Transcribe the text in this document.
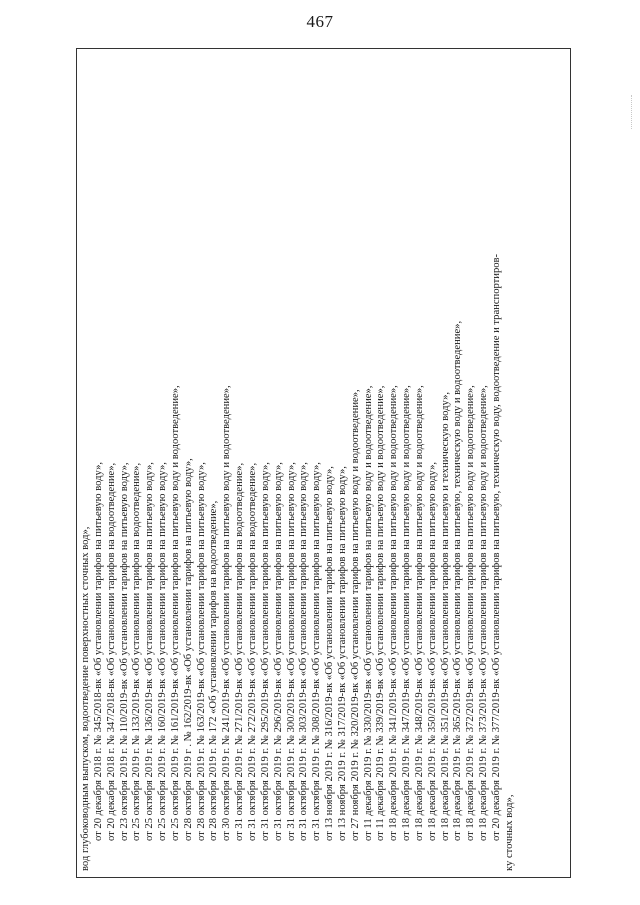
467
вод глубоководным выпуском, водоотведение поверхностных сточных вод», от 20 декабря 2018 г. № 345/2018-вк «Об установлении тарифов на питьевую воду», от 20 декабря 2018 г. № 347/2018-вк «Об установлении тарифов на водоотведение», от 23 октября 2019 г. № 110/2019-вк «Об установлении тарифов на питьевую воду», от 25 октября 2019 г. № 133/2019-вк «Об установлении тарифов на водоотведение», от 25 октября 2019 г. № 136/2019-вк «Об установлении тарифов на питьевую воду», от 25 октября 2019 г. № 160/2019-вк «Об установлении тарифов на питьевую воду», от 25 октября 2019 г. № 161/2019-вк «Об установлении тарифов на питьевую воду и водоотведение», от 28 октября 2019 г . № 162/2019-вк «Об установлении тарифов на питьевую воду», от 28 октября 2019 г. № 163/2019-вк «Об установлении тарифов на питьевую воду», от 28 октября 2019 г. № 172 «Об установлении тарифов на водоотведение», от 30 октября 2019 г. № 241/2019-вк «Об установлении тарифов на питьевую воду и водоотведение», от 31 октября 2019 г. № 271/2019-вк «Об установлении тарифов на водоотведение», от 31 октября 2019 г. № 272/2019-вк «Об установлении тарифов на водоотведение», от 31 октября 2019 г. № 295/2019-вк «Об установлении тарифов на питьевую воду», от 31 октября 2019 г. № 296/2019-вк «Об установлении тарифов на питьевую воду», от 31 октября 2019 г. № 300/2019-вк «Об установлении тарифов на питьевую воду», от 31 октября 2019 г. № 303/2019-вк «Об установлении тарифов на питьевую воду», от 31 октября 2019 г. № 308/2019-вк «Об установлении тарифов на питьевую воду», от 13 ноября 2019 г. № 316/2019-вк «Об установлении тарифов на питьевую воду», от 13 ноября 2019 г. № 317/2019-вк «Об установлении тарифов на питьевую воду», от 27 ноября 2019 г. № 320/2019-вк «Об установлении тарифов на питьевую воду и водоотведение», от 11 декабря 2019 г. № 330/2019-вк «Об установлении тарифов на питьевую воду и водоотведение», от 11 декабря 2019 г. № 339/2019-вк «Об установлении тарифов на питьевую воду и водоотведение», от 18 декабря 2019 г. № 341/2019-вк «Об установлении тарифов на питьевую воду и водоотведение», от 18 декабря 2019 г. № 347/2019-вк «Об установлении тарифов на питьевую воду и водоотведение», от 18 декабря 2019 г. № 348/2019-вк «Об установлении тарифов на питьевую воду и водоотведение», от 18 декабря 2019 г. № 350/2019-вк «Об установлении тарифов на питьевую воду», от 18 декабря 2019 г. № 351/2019-вк «Об установлении тарифов на питьевую и техническую воду», от 18 декабря 2019 г. № 365/2019-вк «Об установлении тарифов на питьевую, техническую воду и водоотведение», от 18 декабря 2019 г. № 372/2019-вк «Об установлении тарифов на питьевую воду и водоотведение», от 18 декабря 2019 г. № 373/2019-вк «Об установлении тарифов на питьевую воду и водоотведение», от 20 декабря 2019 г. № 377/2019-вк «Об установлении тарифов на питьевую, техническую воду, водоотведение и транспортиров- ку сточных вод»,
